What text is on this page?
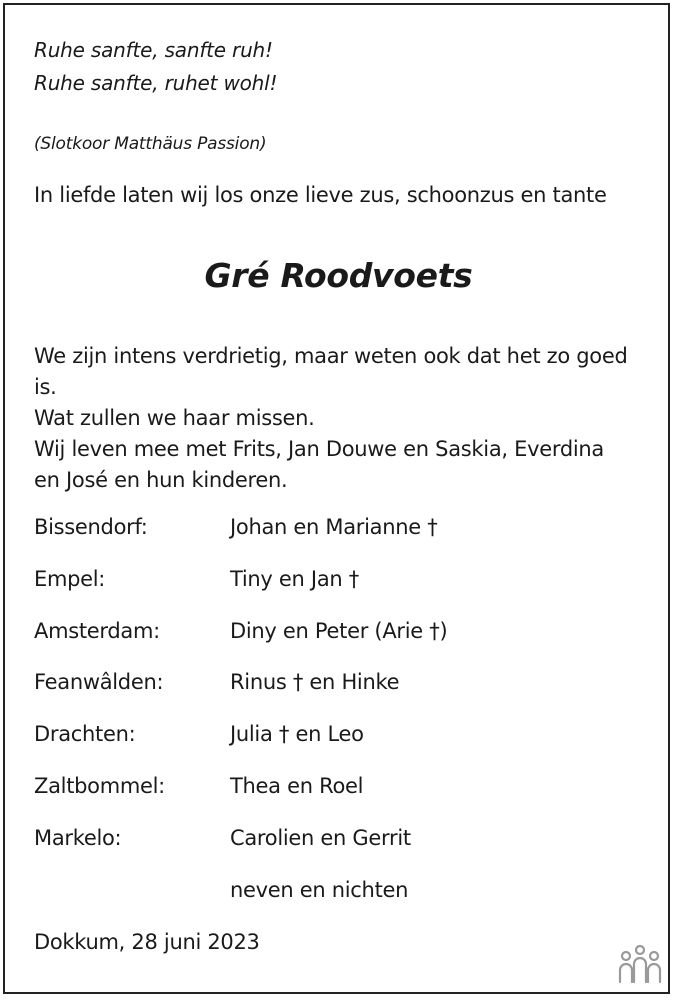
Ruhe sanfte, sanfte ruh!
Ruhe sanfte, ruhet wohl!
(Slotkoor Matthäus Passion)
In liefde laten wij los onze lieve zus, schoonzus en tante
Gré Roodvoets

We zijn intens verdrietig, maar weten ook dat het zo goed is.

Wat zullen we haar missen.

Wij leven mee met Frits, Jan Douwe en Saskia, Everdina en José en hun kinderen.

Bissendorf:	Johan en Marianne †
Empel:	Tiny en Jan †
Amsterdam:	Diny en Peter (Arie †)
Feanwâlden:	Rinus † en Hinke
Drachten:	Julia † en Leo
Zaltbommel:	Thea en Roel
Markelo:	Carolien en Gerrit
neven en nichten
Dokkum, 28 juni 2023
